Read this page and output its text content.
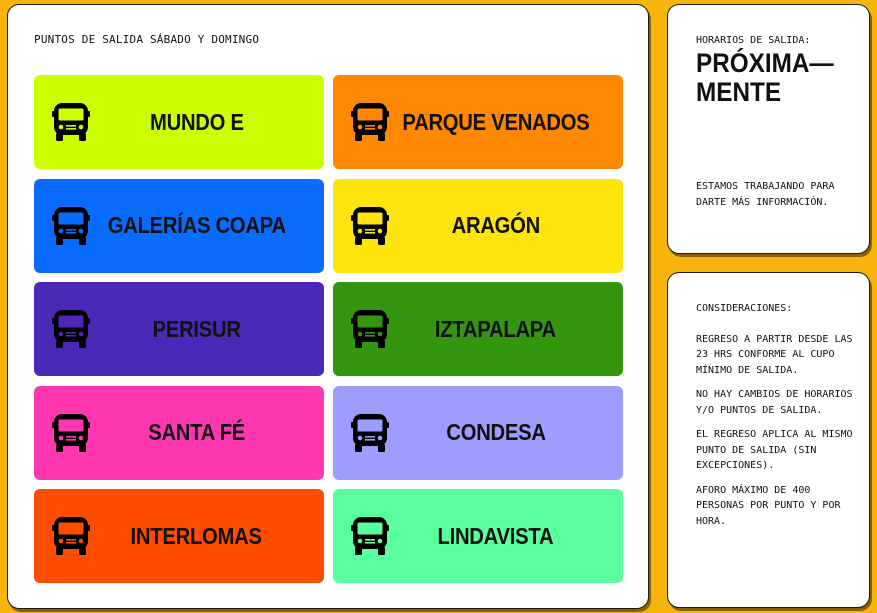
PUNTOS DE SALIDA SÁBADO Y DOMINGO
MUNDO E	PARQUE VENADOS
GALERÍAS COAPA	ARAGÓN
PERISUR	IZTAPALAPA
SANTA FÉ	CONDESA
INTERLOMAS	LINDAVISTA
HORARIOS DE SALIDA:
PRÓXIMA—
MENTE
ESTAMOS TRABAJANDO PARA DARTE MÁS INFORMACIÓN.
CONSIDERACIONES:

REGRESO A PARTIR DESDE LAS 23 HRS CONFORME AL CUPO MÍNIMO DE SALIDA.

NO HAY CAMBIOS DE HORARIOS Y/O PUNTOS DE SALIDA.

EL REGRESO APLICA AL MISMO PUNTO DE SALIDA (SIN EXCEPCIONES).

AFORO MÁXIMO DE 400 PERSONAS POR PUNTO Y POR HORA.
